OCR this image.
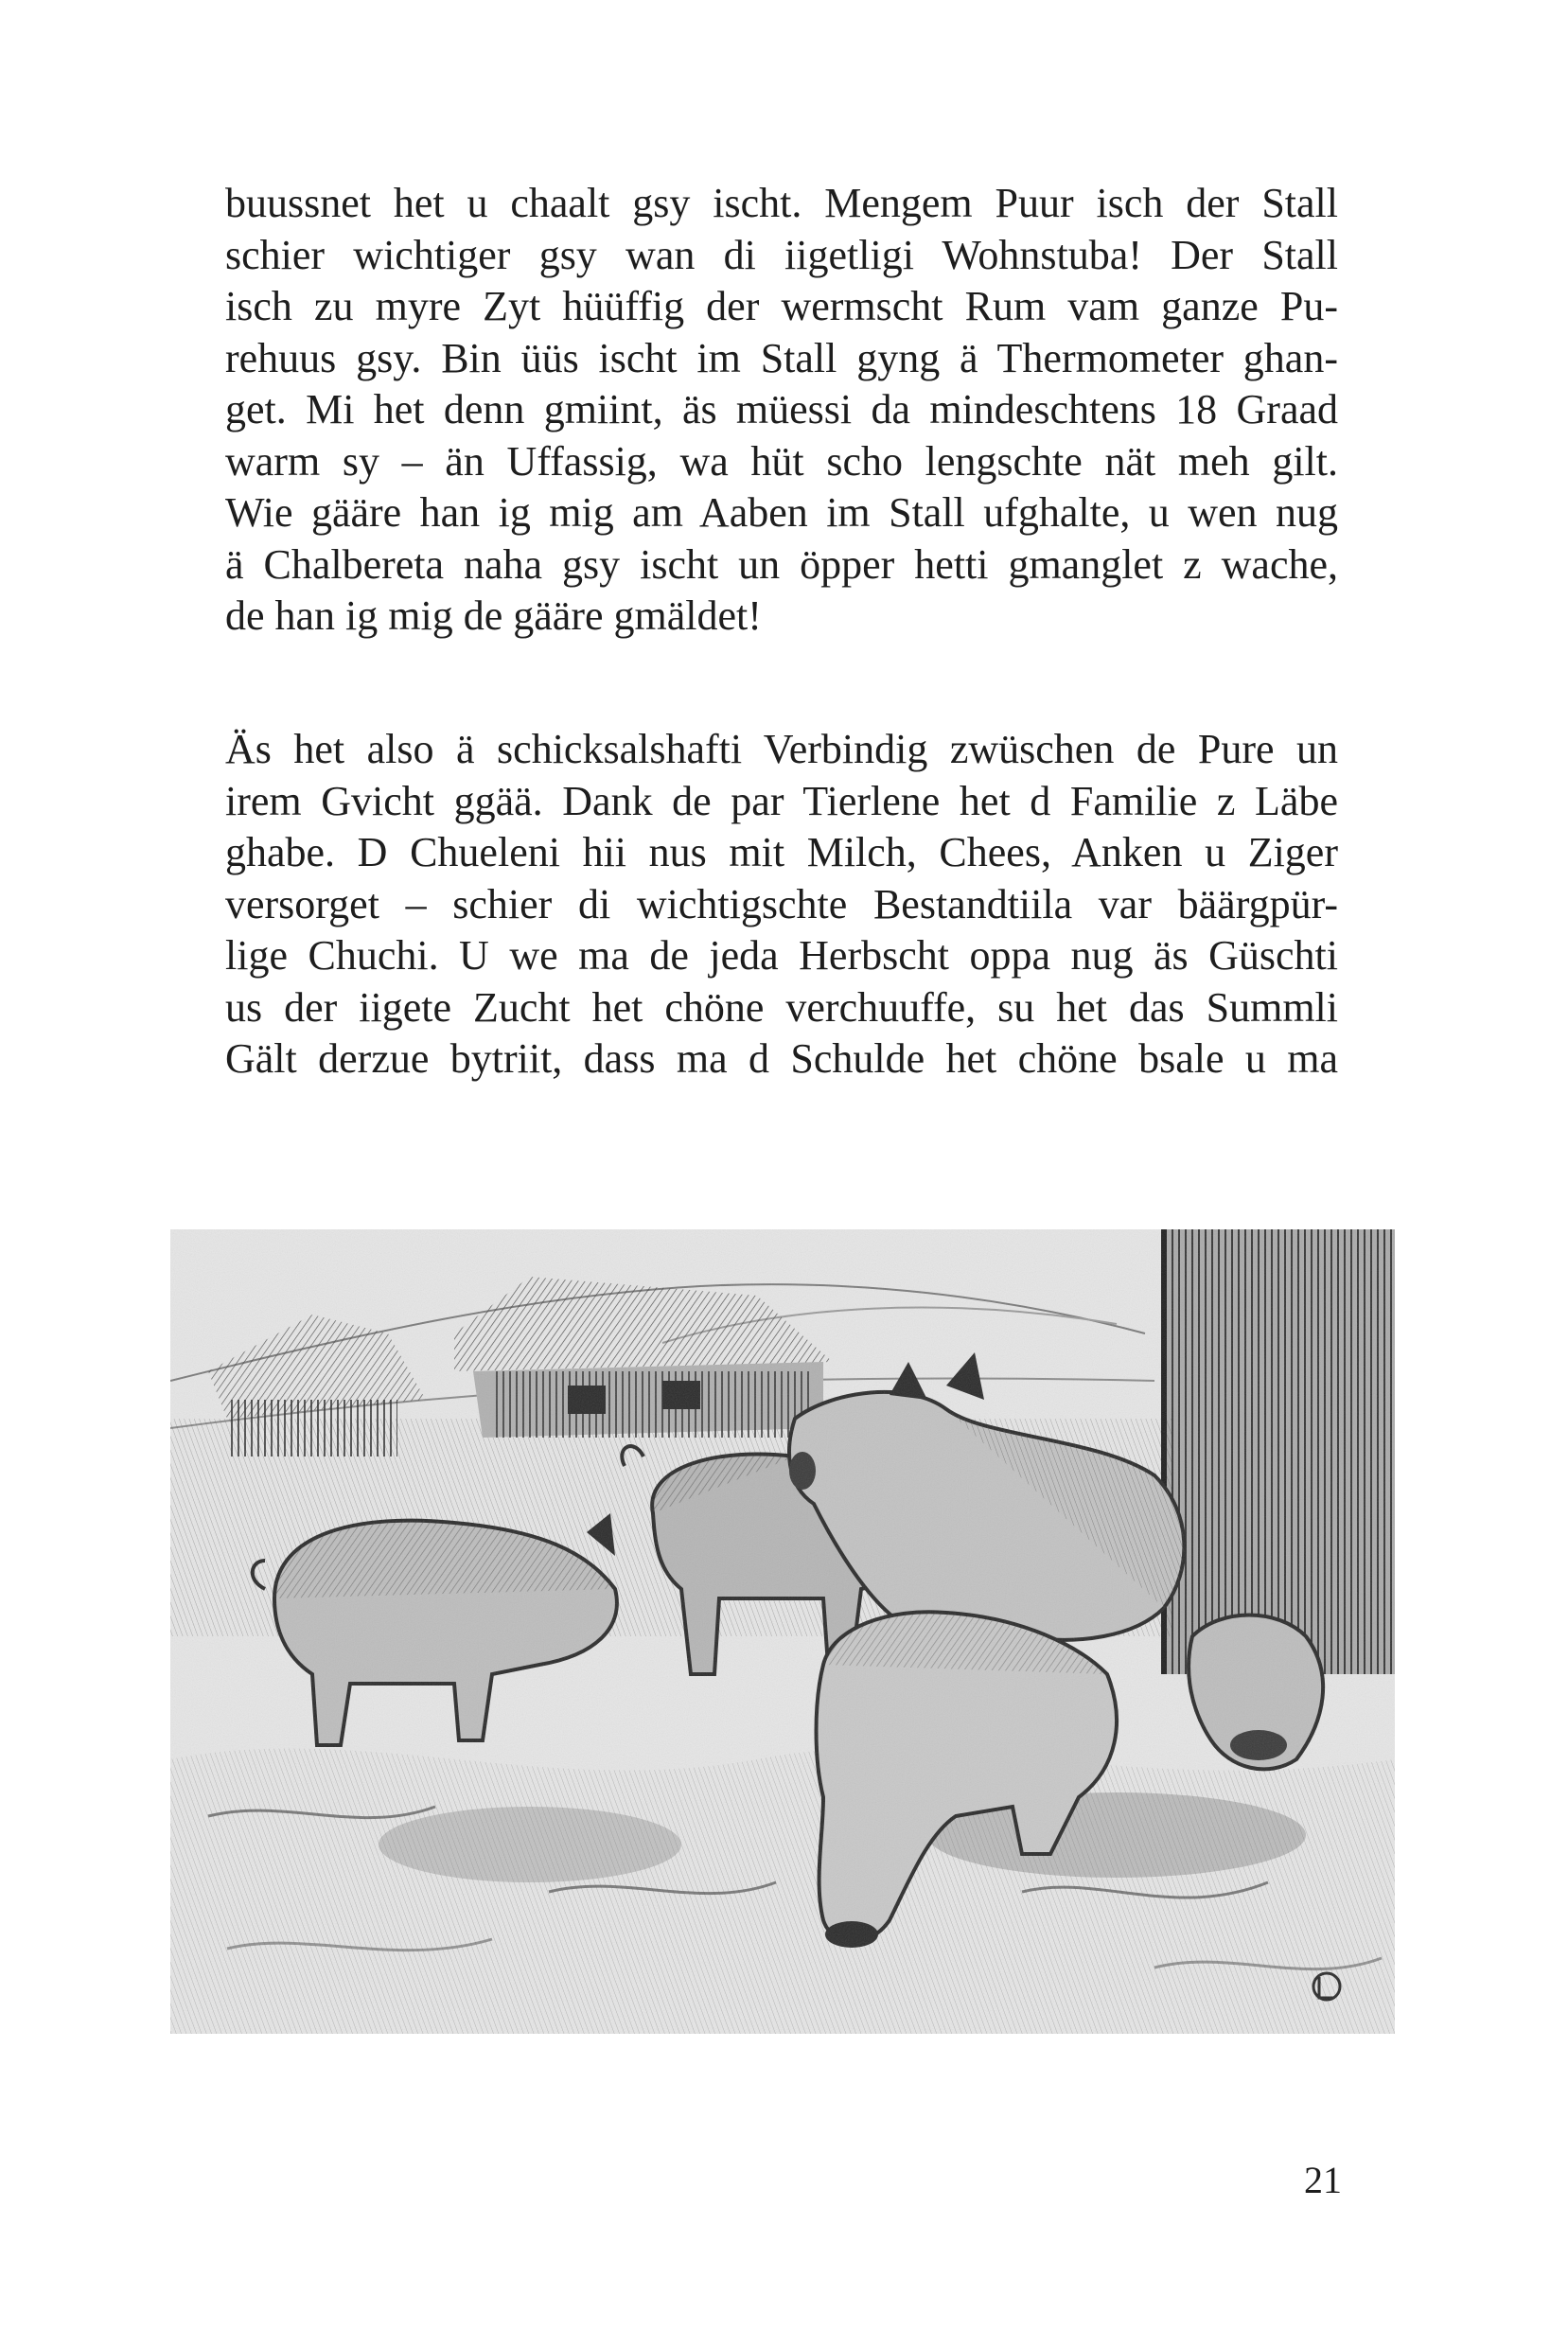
buussnet het u chaalt gsy ischt. Mengem Puur isch der Stall
schier wichtiger gsy wan di iigetligi Wohnstuba! Der Stall
isch zu myre Zyt hüüffig der wermscht Rum vam ganze Pu-
rehuus gsy. Bin üüs ischt im Stall gyng ä Thermometer ghan-
get. Mi het denn gmiint, äs müessi da mindeschtens 18 Graad
warm sy – än Uffassig, wa hüt scho lengschte nät meh gilt.
Wie gääre han ig mig am Aaben im Stall ufghalte, u wen nug
ä Chalbereta naha gsy ischt un öpper hetti gmanglet z wache,
de han ig mig de gääre gmäldet!
Äs het also ä schicksalshafti Verbindig zwüschen de Pure un
irem Gvicht ggää. Dank de par Tierlene het d Familie z Läbe
ghabe. D Chueleni hii nus mit Milch, Chees, Anken u Ziger
versorget – schier di wichtigschte Bestandtiila var bäärgpür-
lige Chuchi. U we ma de jeda Herbscht oppa nug äs Güschti
us der iigete Zucht het chöne verchuuffe, su het das Summli
Gält derzue bytriit, dass ma d Schulde het chöne bsale u ma
21
